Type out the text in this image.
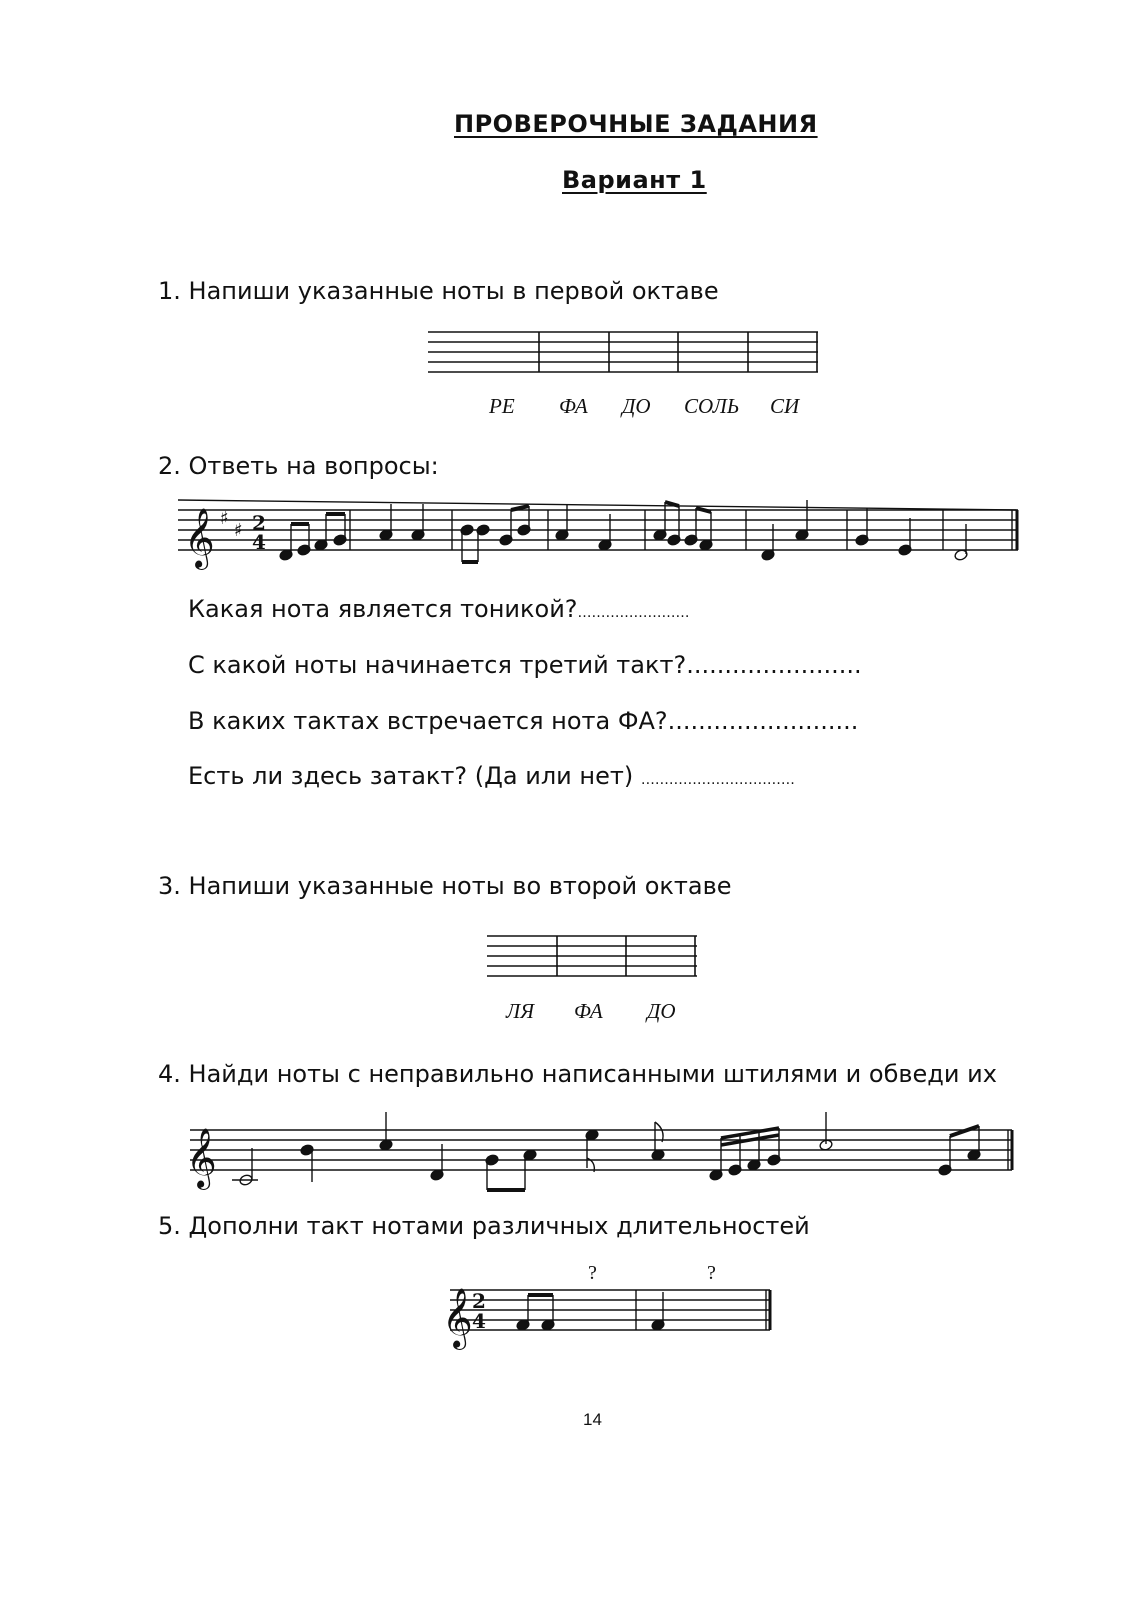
ПРОВЕРОЧНЫЕ ЗАДАНИЯ
Вариант 1
1. Напиши указанные ноты в первой октаве
РЕ ФА ДО СОЛЬ СИ
2. Ответь на вопросы:
𝄞 ♯
♯ 2
4
Какая нота является тоникой?……………………
С какой ноты начинается третий такт?.......................
В каких тактах встречается нота ФА?.........................
Есть ли здесь затакт? (Да или нет) ……………………………
3. Напиши указанные ноты во второй октаве
ЛЯ ФА ДО
4. Найди ноты с неправильно написанными штилями и обведи их
𝄞
5. Дополни такт нотами различных длительностей
𝄞 2
4
?	?
14
